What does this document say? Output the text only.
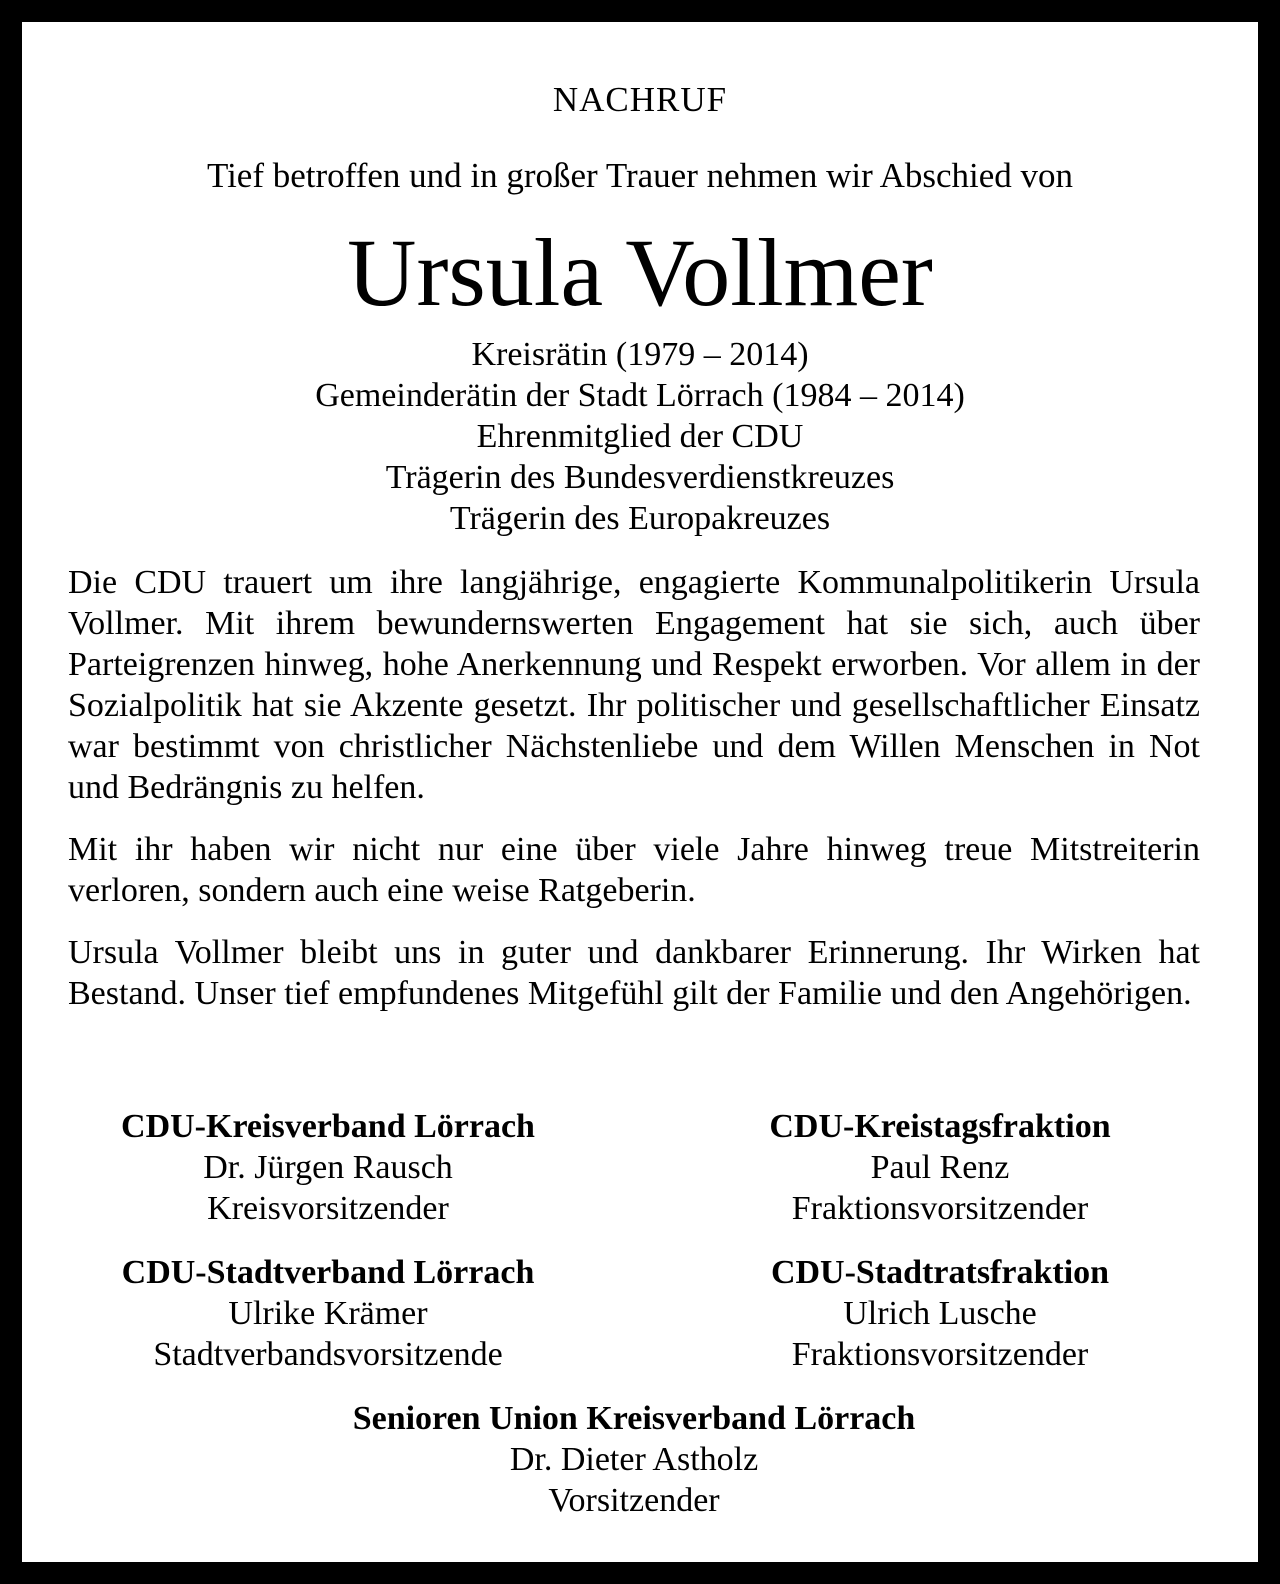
NACHRUF
Tief betroffen und in großer Trauer nehmen wir Abschied von
Ursula Vollmer
Kreisrätin (1979 – 2014)
Gemeinderätin der Stadt Lörrach (1984 – 2014)
Ehrenmitglied der CDU
Trägerin des Bundesverdienstkreuzes
Trägerin des Europakreuzes

Die CDU trauert um ihre langjährige, engagierte Kommunalpolitikerin Ursula Vollmer. Mit ihrem bewundernswerten Engagement hat sie sich, auch über Parteigrenzen hinweg, hohe Anerkennung und Respekt erworben. Vor allem in der Sozialpolitik hat sie Akzente gesetzt. Ihr politischer und gesellschaftlicher Einsatz war bestimmt von christlicher Nächstenliebe und dem Willen Menschen in Not und Bedrängnis zu helfen.

Mit ihr haben wir nicht nur eine über viele Jahre hinweg treue Mitstreiterin verloren, sondern auch eine weise Ratgeberin.

Ursula Vollmer bleibt uns in guter und dankbarer Erinnerung. Ihr Wirken hat Bestand. Unser tief empfundenes Mitgefühl gilt der Familie und den Angehörigen.

CDU-Kreisverband Lörrach
Dr. Jürgen Rausch
Kreisvorsitzender
CDU-Kreistagsfraktion
Paul Renz
Fraktionsvorsitzender
CDU-Stadtverband Lörrach
Ulrike Krämer
Stadtverbandsvorsitzende
CDU-Stadtratsfraktion
Ulrich Lusche
Fraktionsvorsitzender
Senioren Union Kreisverband Lörrach
Dr. Dieter Astholz
Vorsitzender
